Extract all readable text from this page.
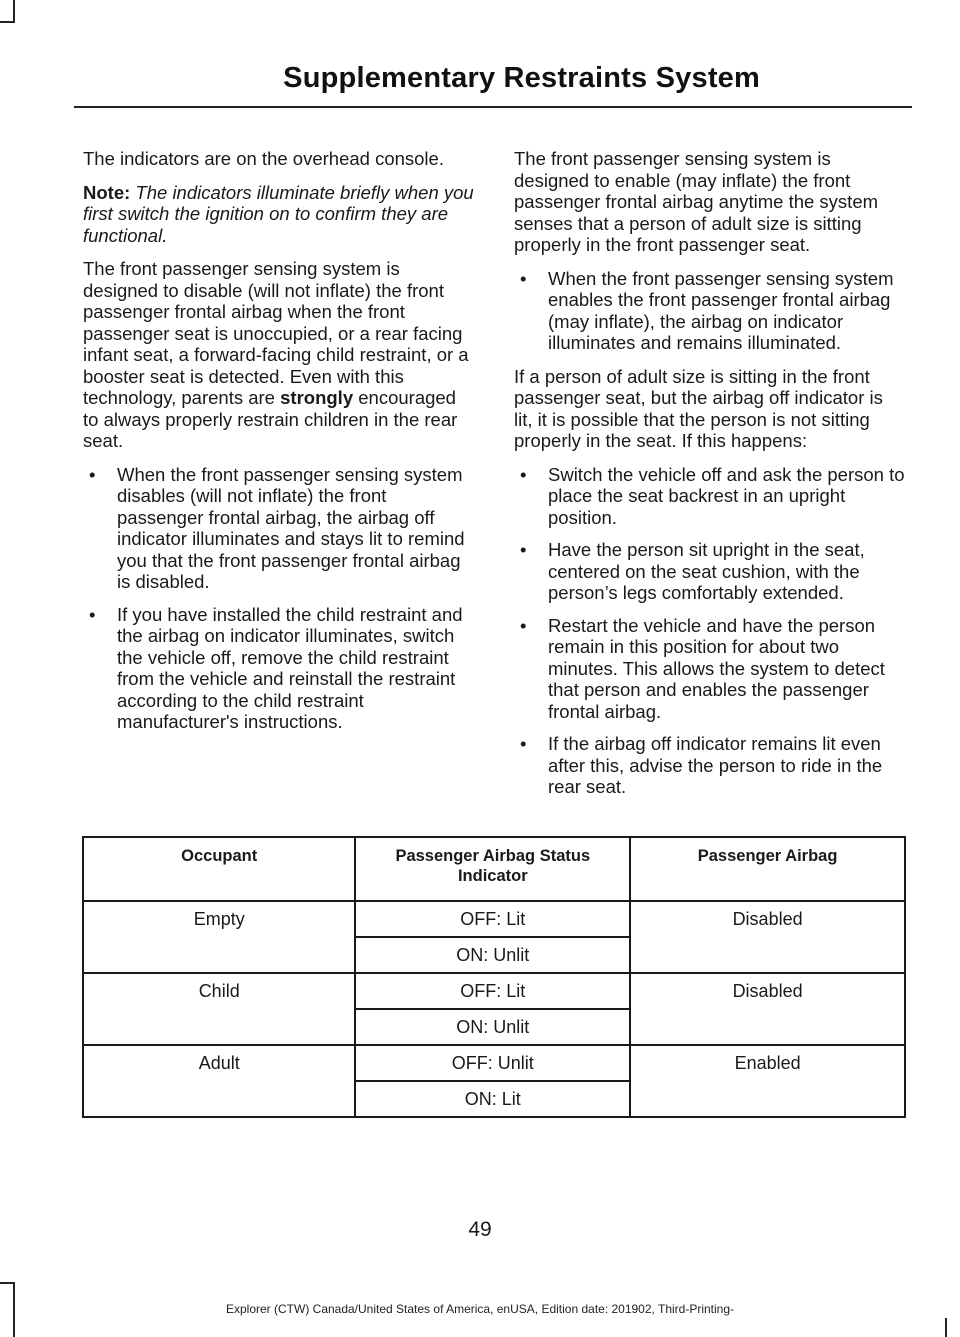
Supplementary Restraints System

The indicators are on the overhead console.

Note: The indicators illuminate briefly when you first switch the ignition on to confirm they are functional.

The front passenger sensing system is designed to disable (will not inflate) the front passenger frontal airbag when the front passenger seat is unoccupied, or a rear facing infant seat, a forward-facing child restraint, or a booster seat is detected. Even with this technology, parents are strongly encouraged to always properly restrain children in the rear seat.

• When the front passenger sensing system disables (will not inflate) the front passenger frontal airbag, the airbag off indicator illuminates and stays lit to remind you that the front passenger frontal airbag is disabled.
• If you have installed the child restraint and the airbag on indicator illuminates, switch the vehicle off, remove the child restraint from the vehicle and reinstall the restraint according to the child restraint manufacturer's instructions.

The front passenger sensing system is designed to enable (may inflate) the front passenger frontal airbag anytime the system senses that a person of adult size is sitting properly in the front passenger seat.

• When the front passenger sensing system enables the front passenger frontal airbag (may inflate), the airbag on indicator illuminates and remains illuminated.

If a person of adult size is sitting in the front passenger seat, but the airbag off indicator is lit, it is possible that the person is not sitting properly in the seat. If this happens:

• Switch the vehicle off and ask the person to place the seat backrest in an upright position.
• Have the person sit upright in the seat, centered on the seat cushion, with the person’s legs comfortably extended.
• Restart the vehicle and have the person remain in this position for about two minutes. This allows the system to detect that person and enables the passenger frontal airbag.
• If the airbag off indicator remains lit even after this, advise the person to ride in the rear seat.
Occupant	Passenger Airbag Status Indicator	Passenger Airbag
Empty	OFF: Lit	Disabled
	ON: Unlit	
Child	OFF: Lit	Disabled
	ON: Unlit	
Adult	OFF: Unlit	Enabled
	ON: Lit	
49
Explorer (CTW) Canada/United States of America, enUSA, Edition date: 201902, Third-Printing-
